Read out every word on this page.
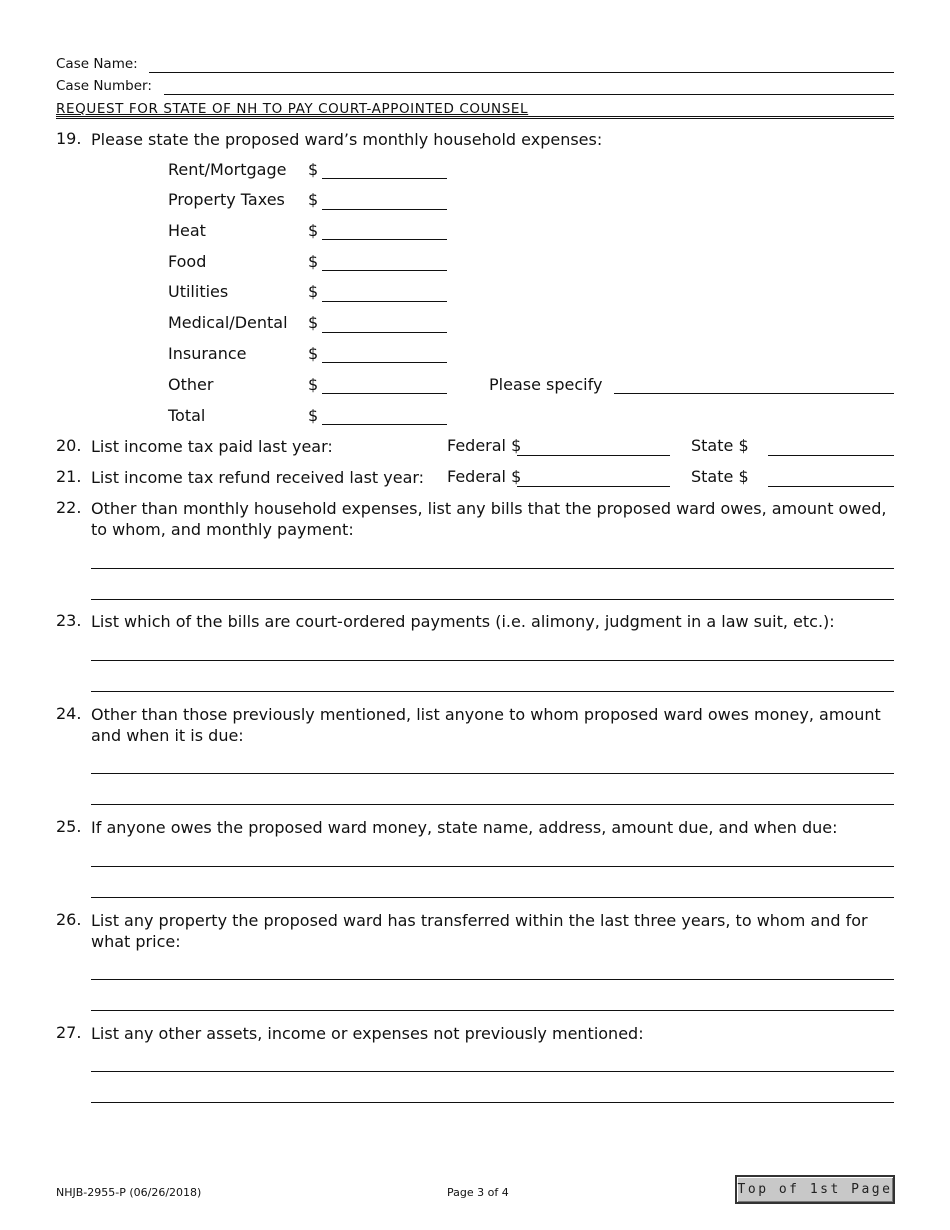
Case Name:
Case Number:
REQUEST FOR STATE OF NH TO PAY COURT-APPOINTED COUNSEL
19. Please state the proposed ward’s monthly household expenses:
Rent/Mortgage $
Property Taxes $
Heat	$
Food	$
Utilities	$
Medical/Dental $
Insurance	$
Other	$	Please specify
Total	$
20. List income tax paid last year:	Federal $	State $
21. List income tax refund received last year:	Federal $	State $
22. Other than monthly household expenses, list any bills that the proposed ward owes, amount owed, to whom, and monthly payment:
23. List which of the bills are court-ordered payments (i.e. alimony, judgment in a law suit, etc.):
24. Other than those previously mentioned, list anyone to whom proposed ward owes money, amount and when it is due:
25. If anyone owes the proposed ward money, state name, address, amount due, and when due:
26. List any property the proposed ward has transferred within the last three years, to whom and for what price:
27. List any other assets, income or expenses not previously mentioned:
NHJB-2955-P (06/26/2018)	Page 3 of 4	Top of 1st Page
